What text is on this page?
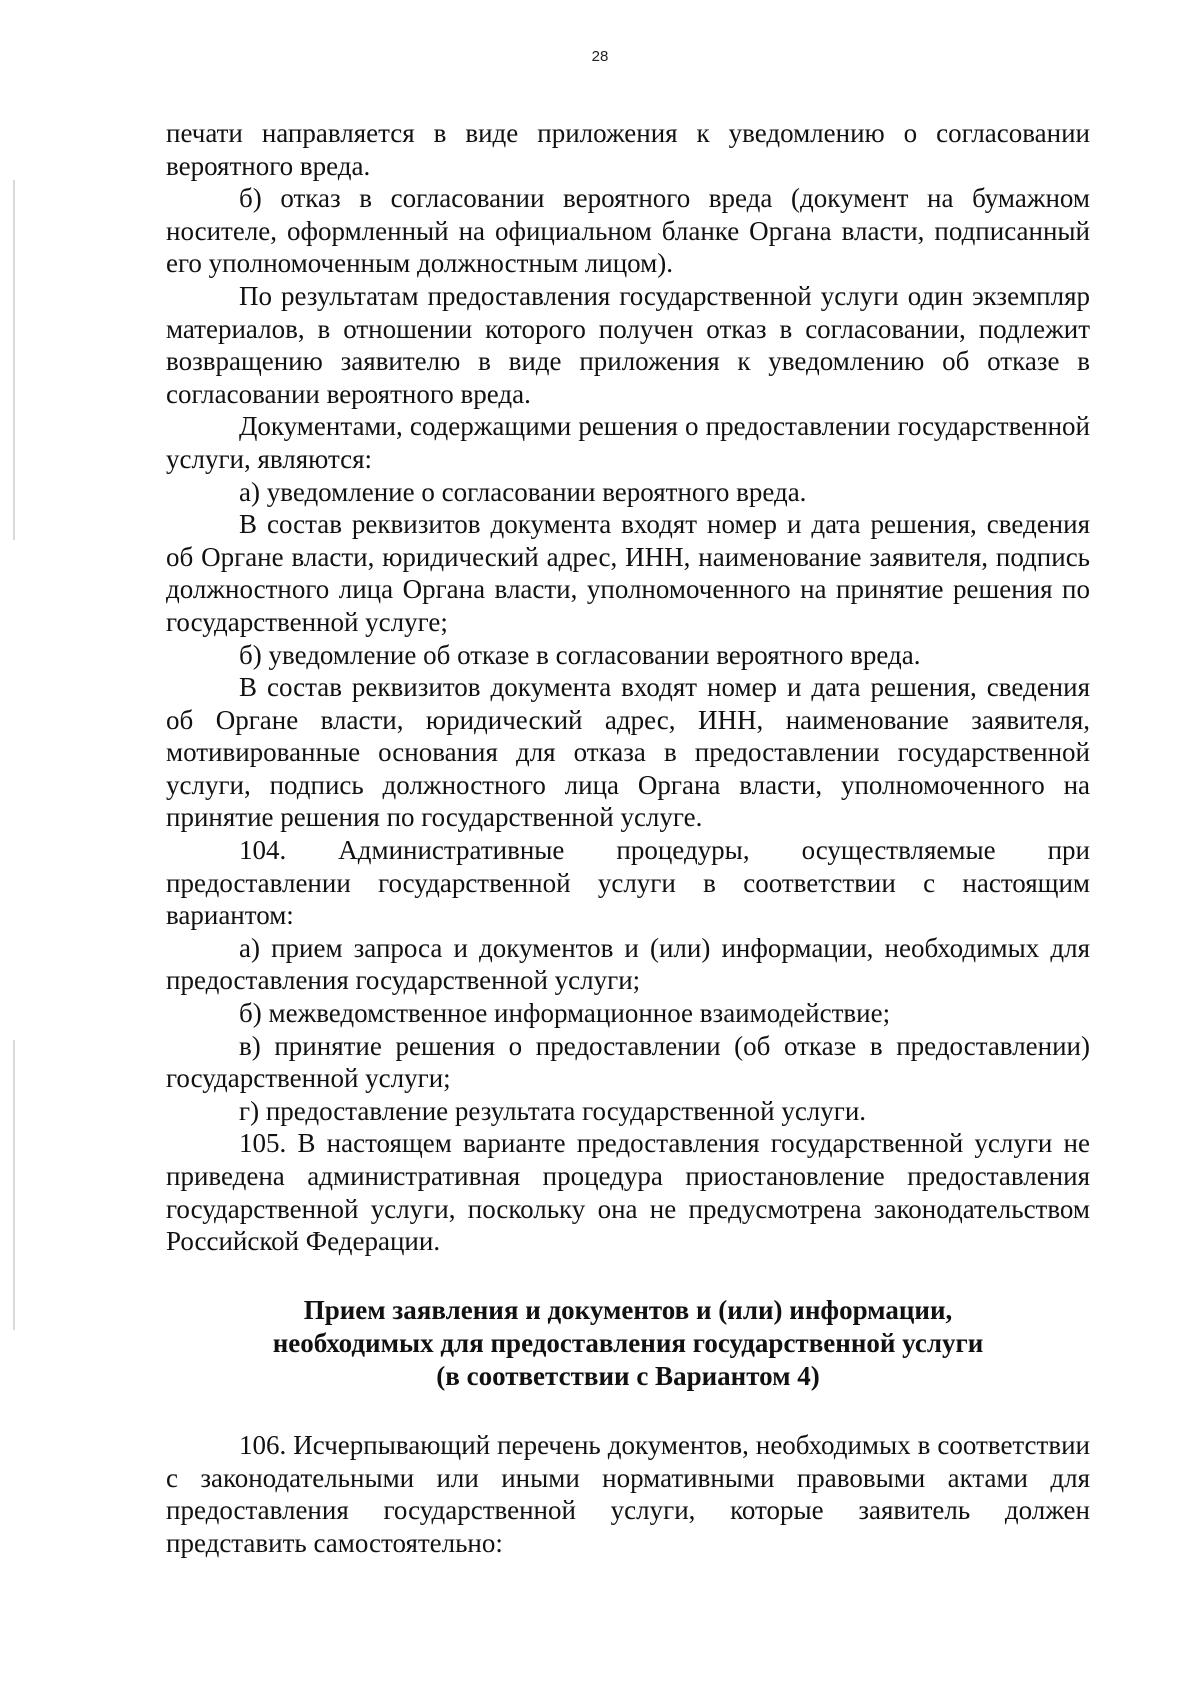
28

печати направляется в виде приложения к уведомлению о согласовании вероятного вреда.

б) отказ в согласовании вероятного вреда (документ на бумажном носителе, оформленный на официальном бланке Органа власти, подписанный его уполномоченным должностным лицом).

По результатам предоставления государственной услуги один экземпляр материалов, в отношении которого получен отказ в согласовании, подлежит возвращению заявителю в виде приложения к уведомлению об отказе в согласовании вероятного вреда.

Документами, содержащими решения о предоставлении государственной услуги, являются:

а) уведомление о согласовании вероятного вреда.

В состав реквизитов документа входят номер и дата решения, сведения об Органе власти, юридический адрес, ИНН, наименование заявителя, подпись должностного лица Органа власти, уполномоченного на принятие решения по государственной услуге;

б) уведомление об отказе в согласовании вероятного вреда.

В состав реквизитов документа входят номер и дата решения, сведения об Органе власти, юридический адрес, ИНН, наименование заявителя, мотивированные основания для отказа в предоставлении государственной услуги, подпись должностного лица Органа власти, уполномоченного на принятие решения по государственной услуге.

104. Административные процедуры, осуществляемые при предоставлении государственной услуги в соответствии с настоящим вариантом:

а) прием запроса и документов и (или) информации, необходимых для предоставления государственной услуги;

б) межведомственное информационное взаимодействие;

в) принятие решения о предоставлении (об отказе в предоставлении) государственной услуги;

г) предоставление результата государственной услуги.

105. В настоящем варианте предоставления государственной услуги не приведена административная процедура приостановление предоставления государственной услуги, поскольку она не предусмотрена законодательством Российской Федерации.

Прием заявления и документов и (или) информации,
необходимых для предоставления государственной услуги
(в соответствии с Вариантом 4)

106. Исчерпывающий перечень документов, необходимых в соответствии с законодательными или иными нормативными правовыми актами для предоставления государственной услуги, которые заявитель должен представить самостоятельно:
